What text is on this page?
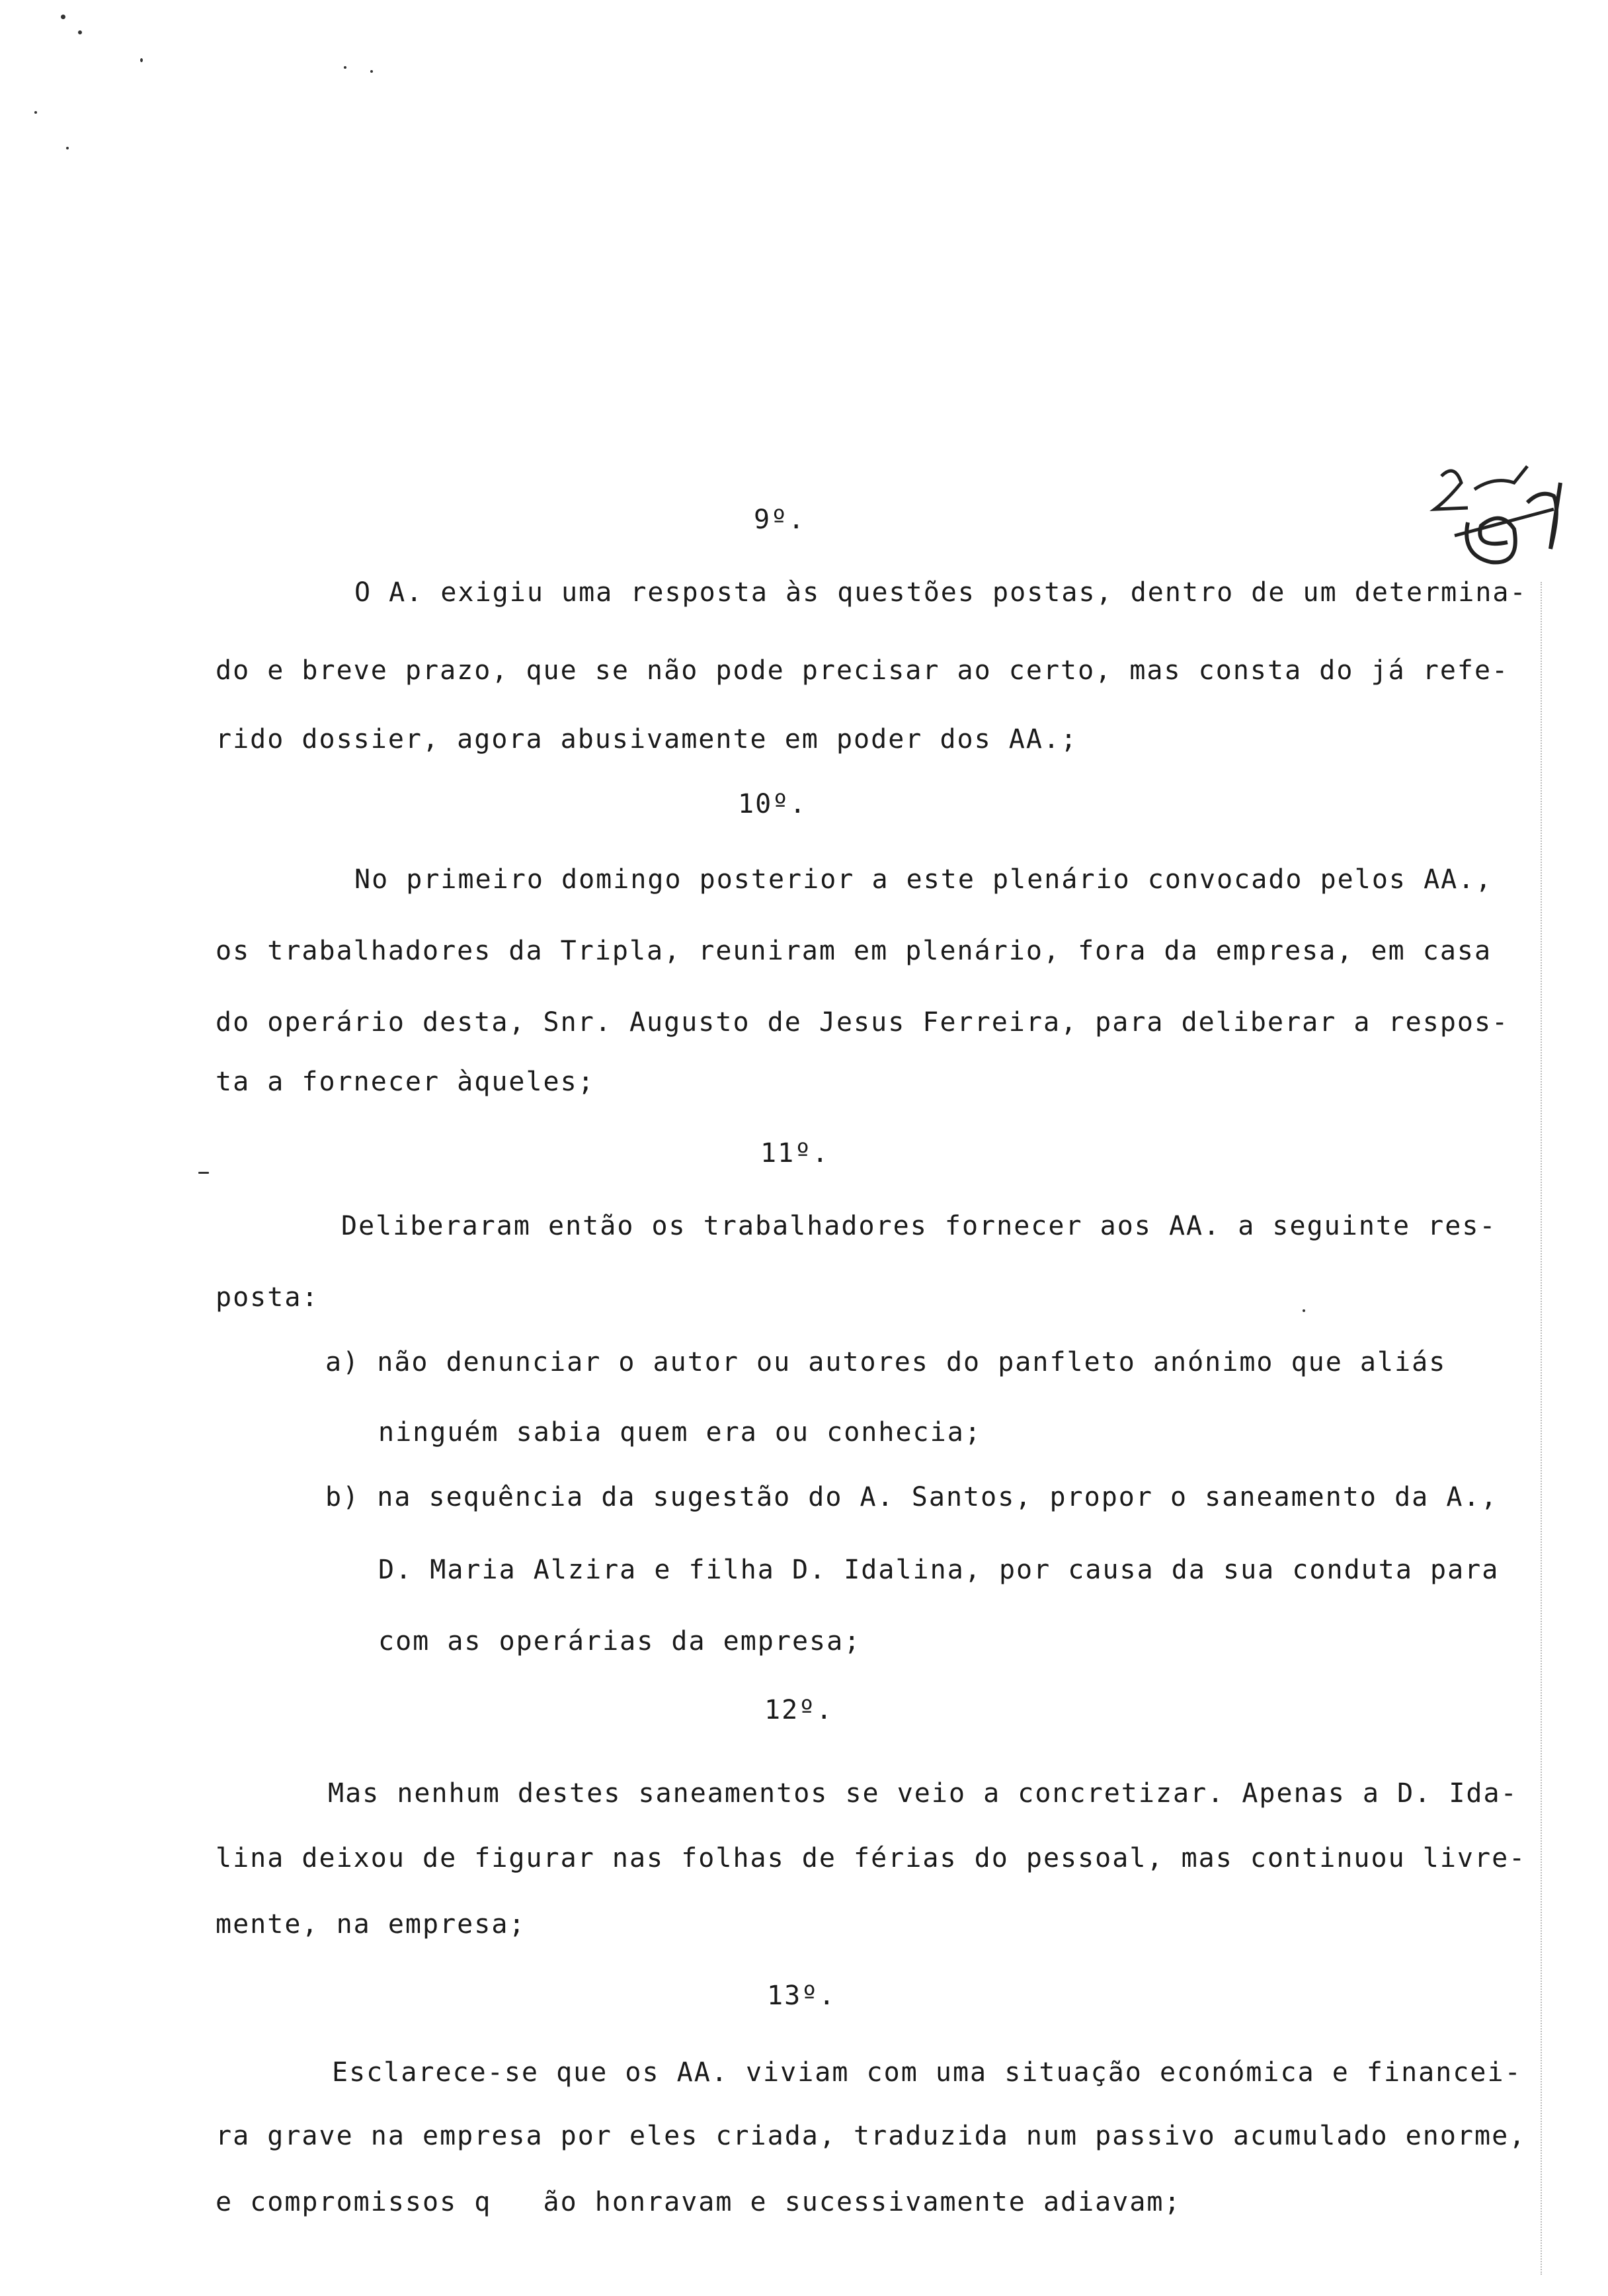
9º.
O A. exigiu uma resposta às questões postas, dentro de um determina-
do e breve prazo, que se não pode precisar ao certo, mas consta do já refe-
rido dossier, agora abusivamente em poder dos AA.;
10º.
No primeiro domingo posterior a este plenário convocado pelos AA.,
os trabalhadores da Tripla, reuniram em plenário, fora da empresa, em casa
do operário desta, Snr. Augusto de Jesus Ferreira, para deliberar a respos-
ta a fornecer àqueles;
11º.
Deliberaram então os trabalhadores fornecer aos AA. a seguinte res-
posta:
a) não denunciar o autor ou autores do panfleto anónimo que aliás
ninguém sabia quem era ou conhecia;
b) na sequência da sugestão do A. Santos, propor o saneamento da A.,
D. Maria Alzira e filha D. Idalina, por causa da sua conduta para
com as operárias da empresa;
12º.
Mas nenhum destes saneamentos se veio a concretizar. Apenas a D. Ida-
lina deixou de figurar nas folhas de férias do pessoal, mas continuou livre-
mente, na empresa;
13º.
Esclarece-se que os AA. viviam com uma situação económica e financei-
ra grave na empresa por eles criada, traduzida num passivo acumulado enorme,
e compromissos q   ão honravam e sucessivamente adiavam;
